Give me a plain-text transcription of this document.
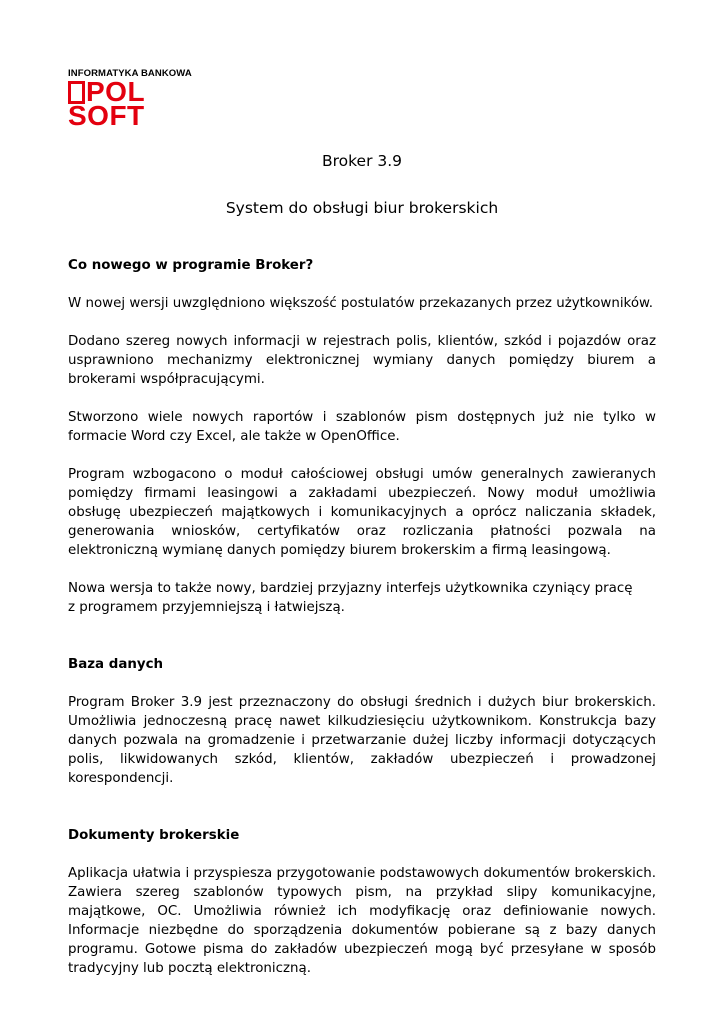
INFORMATYKA BANKOWA
POL
SOFT
Broker 3.9
System do obsługi biur brokerskich

Co nowego w programie Broker?

W nowej wersji uwzględniono większość postulatów przekazanych przez użytkowników.

Dodano szereg nowych informacji w rejestrach polis, klientów, szkód i pojazdów oraz usprawniono mechanizmy elektronicznej wymiany danych pomiędzy biurem a brokerami współpracującymi.

Stworzono wiele nowych raportów i szablonów pism dostępnych już nie tylko w formacie Word czy Excel, ale także w OpenOffice.

Program wzbogacono o moduł całościowej obsługi umów generalnych zawieranych pomiędzy firmami leasingowi a zakładami ubezpieczeń. Nowy moduł umożliwia obsługę ubezpieczeń majątkowych i komunikacyjnych a oprócz naliczania składek, generowania wniosków, certyfikatów oraz rozliczania płatności pozwala na elektroniczną wymianę danych pomiędzy biurem brokerskim a firmą leasingową.

Nowa wersja to także nowy, bardziej przyjazny interfejs użytkownika czyniący pracę

z programem przyjemniejszą i łatwiejszą.

Baza danych

Program Broker 3.9 jest przeznaczony do obsługi średnich i dużych biur brokerskich. Umożliwia jednoczesną pracę nawet kilkudziesięciu użytkownikom. Konstrukcja bazy danych pozwala na gromadzenie i przetwarzanie dużej liczby informacji dotyczących polis, likwidowanych szkód, klientów, zakładów ubezpieczeń i prowadzonej korespondencji.

Dokumenty brokerskie

Aplikacja ułatwia i przyspiesza przygotowanie podstawowych dokumentów brokerskich. Zawiera szereg szablonów typowych pism, na przykład slipy komunikacyjne, majątkowe, OC. Umożliwia również ich modyfikację oraz definiowanie nowych. Informacje niezbędne do sporządzenia dokumentów pobierane są z bazy danych programu. Gotowe pisma do zakładów ubezpieczeń mogą być przesyłane w sposób tradycyjny lub pocztą elektroniczną.
